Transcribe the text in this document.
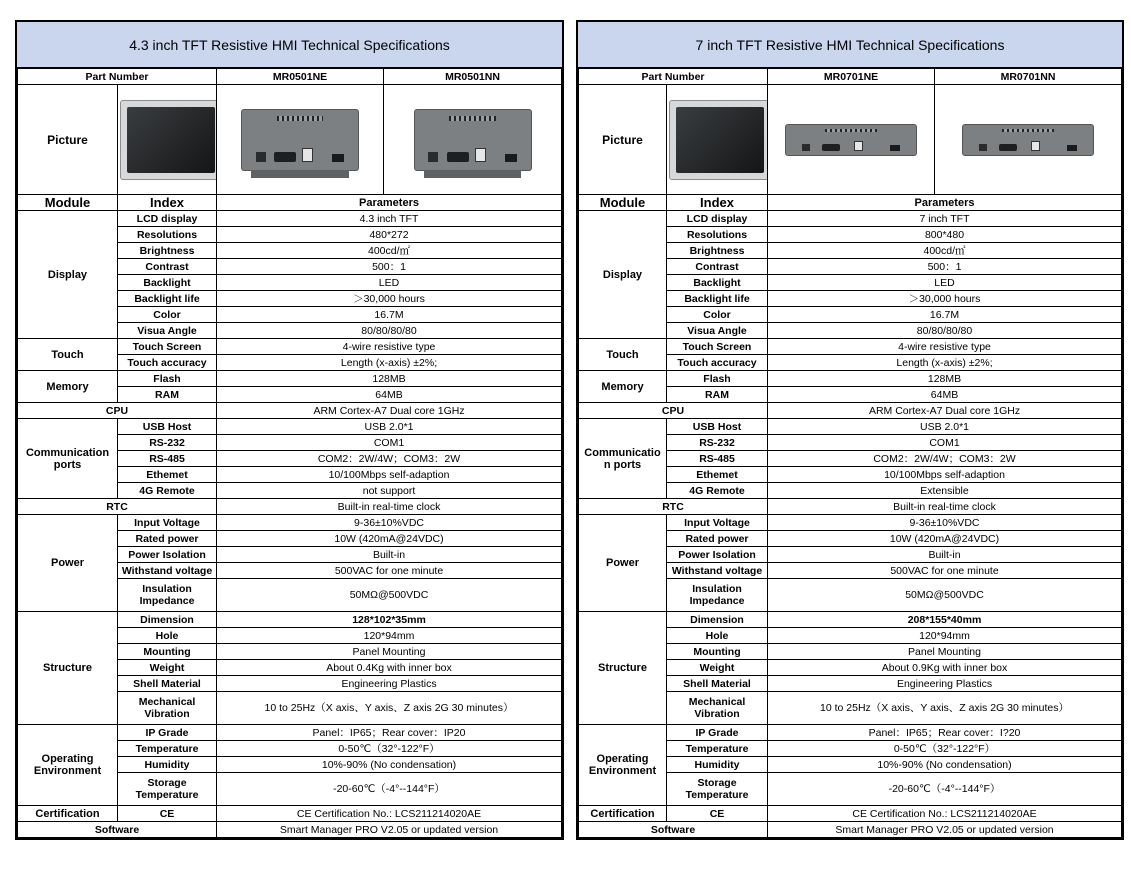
4.3 inch TFT Resistive HMI Technical Specifications
Part Number		MR0501NE	MR0501NN
Picture	

Module	Index	Parameters	
Display	LCD display	4.3 inch TFT	
	Resolutions	480*272	
	Brightness	400cd/㎡	
	Contrast	500：1	
	Backlight	LED	
	Backlight life	＞30,000 hours	
	Color	16.7M	
	Visua Angle	80/80/80/80	
Touch	Touch Screen	4-wire resistive type	
	Touch accuracy	Length (x-axis) ±2%;	
Memory	Flash	128MB	
	RAM	64MB	
CPU		ARM Cortex-A7 Dual core 1GHz	
Communication ports	USB Host	USB 2.0*1	
	RS-232	COM1	
	RS-485	COM2：2W/4W；COM3：2W	
	Ethemet	10/100Mbps self-adaption	
	4G Remote	not support	
RTC		Built-in real-time clock	
Power	Input Voltage	9-36±10%VDC	
	Rated power	10W (420mA@24VDC)	
	Power Isolation	Built-in	
	Withstand voltage	500VAC for one minute	
	Insulation Impedance	50MΩ@500VDC	
Structure	Dimension	128*102*35mm	
	Hole	120*94mm	
	Mounting	Panel Mounting	
	Weight	About 0.4Kg with inner box	
	Shell Material	Engineering Plastics	
	Mechanical Vibration	10 to 25Hz（X axis、Y axis、Z axis 2G 30 minutes）	
Operating Environment	IP Grade	Panel：IP65；Rear cover：IP20	
	Temperature	0-50℃（32°-122°F）	
	Humidity	10%-90% (No condensation)	
	Storage Temperature	-20-60℃（-4°--144°F）	
Certification	CE	CE Certification No.: LCS211214020AE	
Software		Smart Manager PRO V2.05 or updated version	
7 inch TFT Resistive HMI Technical Specifications
Part Number		MR0701NE	MR0701NN
Picture	

Module	Index	Parameters	
Display	LCD display	7 inch TFT	
	Resolutions	800*480	
	Brightness	400cd/㎡	
	Contrast	500：1	
	Backlight	LED	
	Backlight life	＞30,000 hours	
	Color	16.7M	
	Visua Angle	80/80/80/80	
Touch	Touch Screen	4-wire resistive type	
	Touch accuracy	Length (x-axis) ±2%;	
Memory	Flash	128MB	
	RAM	64MB	
CPU		ARM Cortex-A7 Dual core 1GHz	
Communicatio n ports	USB Host	USB 2.0*1	
	RS-232	COM1	
	RS-485	COM2：2W/4W；COM3：2W	
	Ethemet	10/100Mbps self-adaption	
	4G Remote	Extensible	
RTC		Built-in real-time clock	
Power	Input Voltage	9-36±10%VDC	
	Rated power	10W (420mA@24VDC)	
	Power Isolation	Built-in	
	Withstand voltage	500VAC for one minute	
	Insulation Impedance	50MΩ@500VDC	
Structure	Dimension	208*155*40mm	
	Hole	120*94mm	
	Mounting	Panel Mounting	
	Weight	About 0.9Kg with inner box	
	Shell Material	Engineering Plastics	
	Mechanical Vibration	10 to 25Hz（X axis、Y axis、Z axis 2G 30 minutes）	
Operating Environment	IP Grade	Panel：IP65；Rear cover：I?20	
	Temperature	0-50℃（32°-122°F）	
	Humidity	10%-90% (No condensation)	
	Storage Temperature	-20-60℃（-4°--144°F）	
Certification	CE	CE Certification No.: LCS211214020AE	
Software		Smart Manager PRO V2.05 or updated version	
